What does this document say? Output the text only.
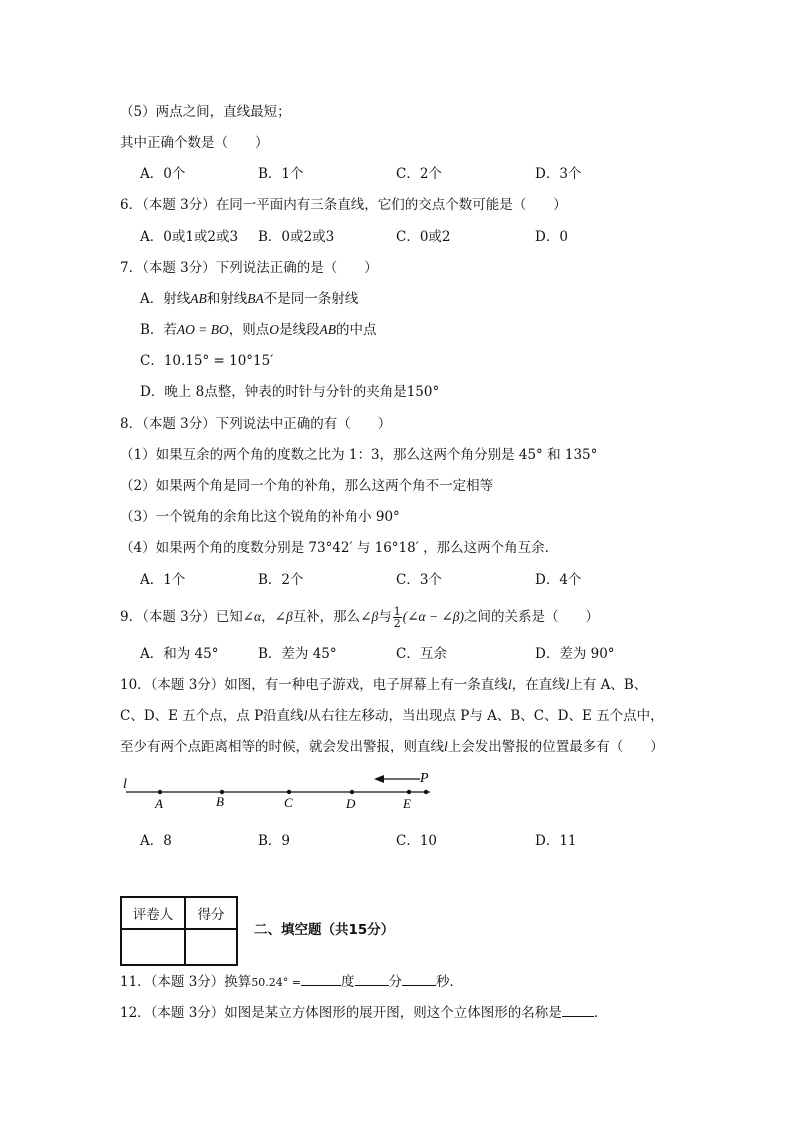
（5）两点之间，直线最短；
其中正确个数是（　　）
A．0个	B．1个	C．2个	D．3个
6．（本题 3分）在同一平面内有三条直线，它们的交点个数可能是（　　）
A．0或1或2或3 B．0或2或3	C．0或2	D．0
7．（本题 3分）下列说法正确的是（　　）
A．射线AB和射线BA不是同一条射线
B．若AO = BO，则点O是线段AB的中点
C．10.15° = 10°15′
D．晚上 8点整，钟表的时针与分针的夹角是150°
8．（本题 3分）下列说法中正确的有（　　）
（1）如果互余的两个角的度数之比为 1：3，那么这两个角分别是 45° 和 135°
（2）如果两个角是同一个角的补角，那么这两个角不一定相等
（3）一个锐角的余角比这个锐角的补角小 90°
（4）如果两个角的度数分别是 73°42′ 与 16°18′ ，那么这两个角互余．
A．1个	B．2个	C．3个	D．4个
9．（本题 3分）已知∠α，∠β互补，那么∠β与 $\frac{1}{2}$ (∠α − ∠β)之间的关系是（　　）
A．和为 45°	B．差为 45°	C．互余	D．差为 90°
10．（本题 3分）如图，有一种电子游戏，电子屏幕上有一条直线l，在直线l上有 A、B、
C、D、E 五个点，点 P沿直线l从右往左移动，当出现点 P与 A、B、C、D、E 五个点中，
至少有两个点距离相等的时候，就会发出警报，则直线l上会发出警报的位置最多有（　　）
l	P
A	B	C	D	E
A．8	B．9	C．10	D．11
评卷人	得分

二、填空题（共15分）
11．（本题 3分）换算50.24° =	度	分	秒．
12．（本题 3分）如图是某立方体图形的展开图，则这个立体图形的名称是 ．
